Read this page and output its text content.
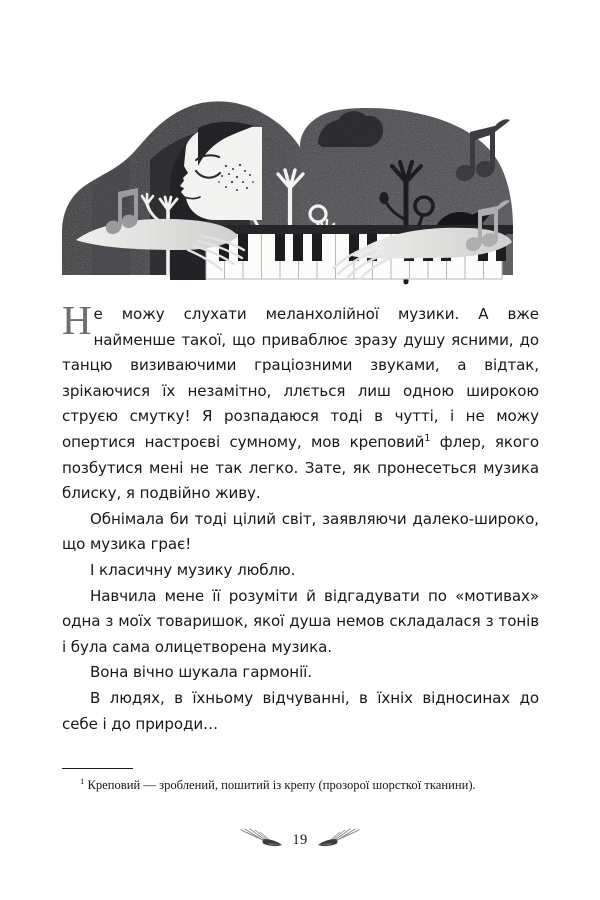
Не можу слухати меланхолійної музики. А вже найменше такої, що приваблює зразу душу ясними, до танцю визиваючими граціозними звуками, а відтак, зрікаючися їх незамітно, ллється лиш одною широкою струєю смутку! Я розпадаюся тоді в чутті, і не можу опертися настроєві сумному, мов креповий$^1$ флер, якого позбутися мені не так легко. Зате, як пронесеться музика блиску, я подвійно живу.

Обнімала би тоді цілий світ, заявляючи далеко-широко, що музика грає!

І класичну музику люблю.

Навчила мене її розуміти й відгадувати по «мотивах» одна з моїх товаришок, якої душа немов складалася з тонів і була сама олицетворена музика.

Вона вічно шукала гармонії.

В людях, в їхньому відчуванні, в їхніх відносинах до себе і до природи…

$^1$ Креповий — зроблений, пошитий із крепу (прозорої шорсткої тканини).
19
